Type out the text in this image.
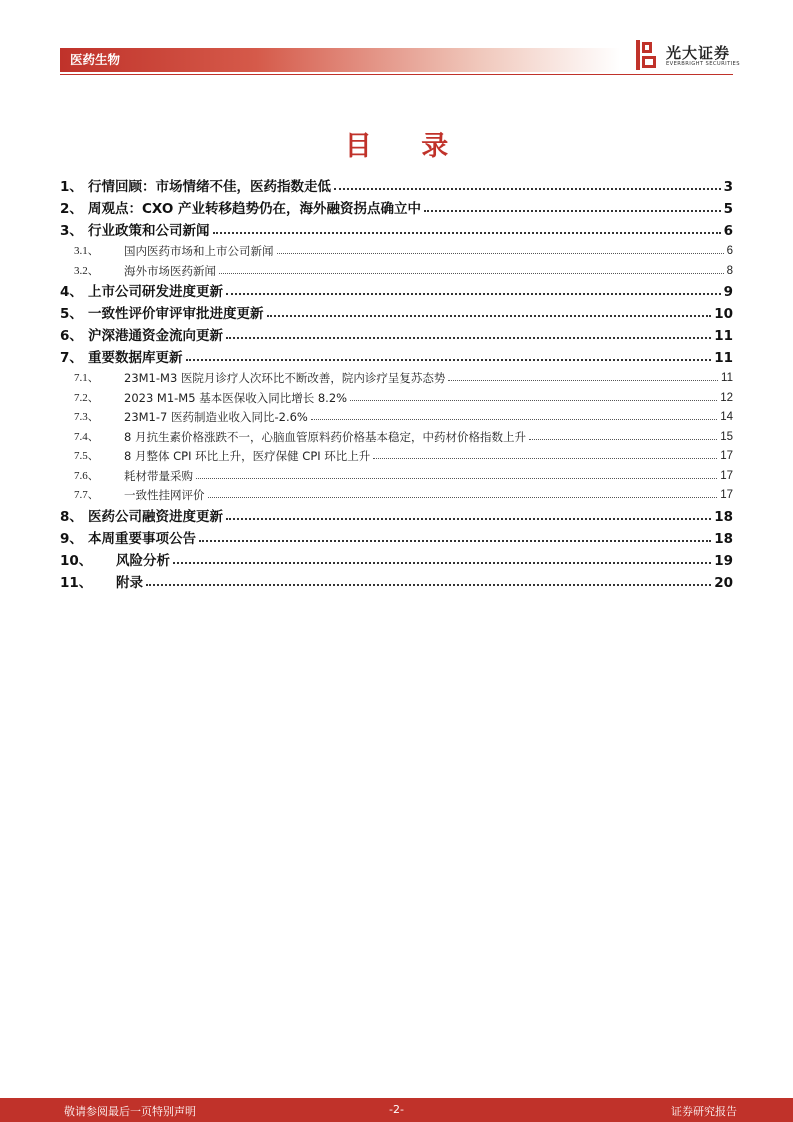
医药生物	光大证券
EVERBRIGHT SECURITIES
目 录
1、 行情回顾：市场情绪不佳，医药指数走低	3
2、 周观点：CXO 产业转移趋势仍在，海外融资拐点确立中	5
3、 行业政策和公司新闻	6
3.1、	国内医药市场和上市公司新闻	6
3.2、	海外市场医药新闻	8
4、 上市公司研发进度更新	9
5、 一致性评价审评审批进度更新	10
6、 沪深港通资金流向更新	11
7、 重要数据库更新	11
7.1、	23M1-M3 医院月诊疗人次环比不断改善，院内诊疗呈复苏态势	11
7.2、	2023 M1-M5 基本医保收入同比增长 8.2%	12
7.3、	23M1-7 医药制造业收入同比-2.6%	14
7.4、	8 月抗生素价格涨跌不一，心脑血管原料药价格基本稳定，中药材价格指数上升	15
7.5、	8 月整体 CPI 环比上升，医疗保健 CPI 环比上升	17
7.6、	耗材带量采购	17
7.7、	一致性挂网评价	17
8、 医药公司融资进度更新	18
9、 本周重要事项公告	18
10、	风险分析	19
11、	附录	20
敬请参阅最后一页特别声明	-2-	证券研究报告
